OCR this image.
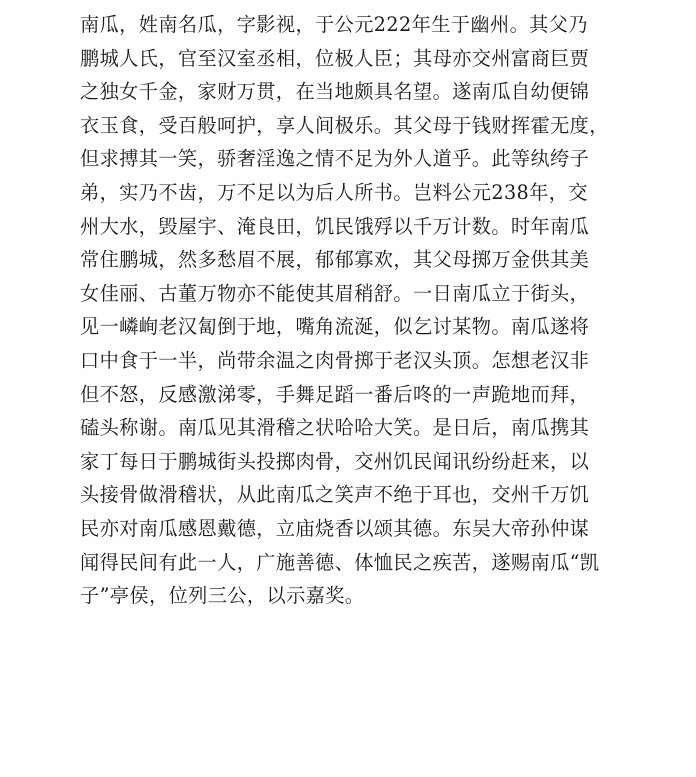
南瓜，姓南名瓜，字影视，于公元222年生于幽州。其父乃
鹏城人氏，官至汉室丞相，位极人臣；其母亦交州富商巨贾
之独女千金，家财万贯，在当地颇具名望。遂南瓜自幼便锦
衣玉食，受百般呵护，享人间极乐。其父母于钱财挥霍无度，
但求搏其一笑，骄奢淫逸之情不足为外人道乎。此等纨绔子
弟，实乃不齿，万不足以为后人所书。岂料公元238年，交
州大水，毁屋宇、淹良田，饥民饿殍以千万计数。时年南瓜
常住鹏城，然多愁眉不展，郁郁寡欢，其父母掷万金供其美
女佳丽、古董万物亦不能使其眉稍舒。一日南瓜立于街头，
见一嶙峋老汉匐倒于地，嘴角流涎，似乞讨某物。南瓜遂将
口中食于一半，尚带余温之肉骨掷于老汉头顶。怎想老汉非
但不怒，反感激涕零，手舞足蹈一番后咚的一声跪地而拜，
磕头称谢。南瓜见其滑稽之状哈哈大笑。是日后，南瓜携其
家丁每日于鹏城街头投掷肉骨，交州饥民闻讯纷纷赶来，以
头接骨做滑稽状，从此南瓜之笑声不绝于耳也，交州千万饥
民亦对南瓜感恩戴德，立庙烧香以颂其德。东吴大帝孙仲谋
闻得民间有此一人，广施善德、体恤民之疾苦，遂赐南瓜“凯
子”亭侯，位列三公，以示嘉奖。
